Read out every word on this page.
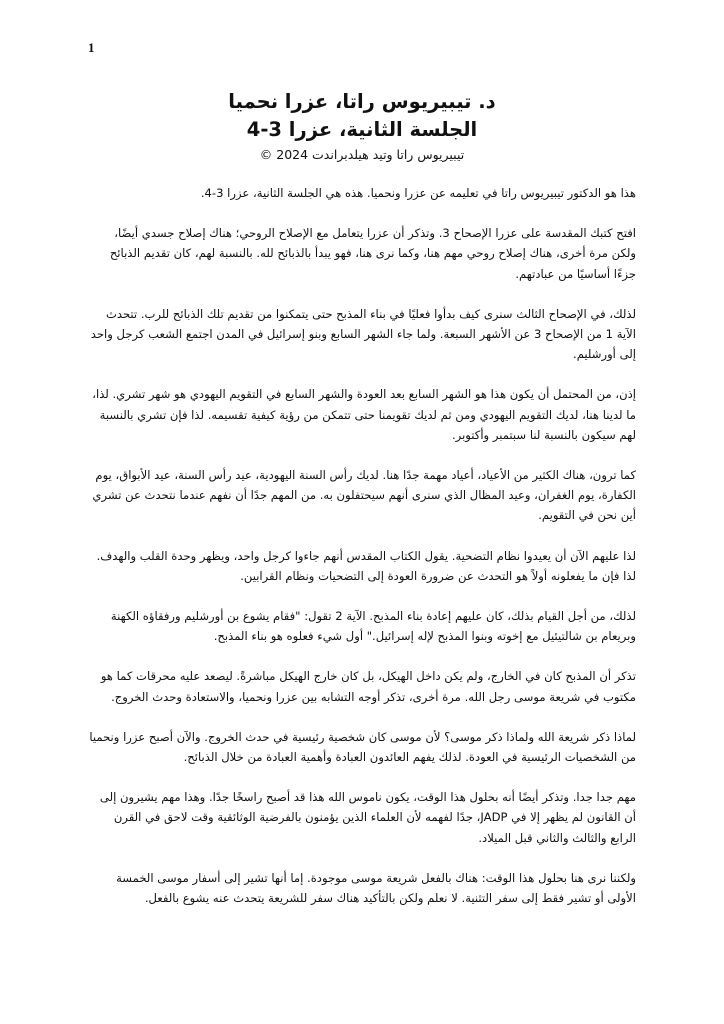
1
د. تيبيريوس راتا، عزرا نحميا
الجلسة الثانية، عزرا 3-4
تيبيريوس راتا وتيد هيلدبراندت 2024 ©

هذا هو الدكتور تيبيريوس راتا في تعليمه عن عزرا ونحميا. هذه هي الجلسة الثانية، عزرا 3-4.

افتح كتبك المقدسة على عزرا الإصحاح 3. وتذكر أن عزرا يتعامل مع الإصلاح الروحي؛ هناك إصلاح جسدي أيضًا، ولكن مرة أخرى، هناك إصلاح روحي مهم هنا، وكما نرى هنا، فهو يبدأ بالذبائح لله. بالنسبة لهم، كان تقديم الذبائح جزءًا أساسيًا من عبادتهم.

لذلك، في الإصحاح الثالث سنرى كيف بدأوا فعليًا في بناء المذبح حتى يتمكنوا من تقديم تلك الذبائح للرب. تتحدث الآية 1 من الإصحاح 3 عن الأشهر السبعة. ولما جاء الشهر السابع وبنو إسرائيل في المدن اجتمع الشعب كرجل واحد إلى أورشليم.

إذن، من المحتمل أن يكون هذا هو الشهر السابع بعد العودة والشهر السابع في التقويم اليهودي هو شهر تشري. لذا، ما لدينا هنا، لديك التقويم اليهودي ومن ثم لديك تقويمنا حتى تتمكن من رؤية كيفية تقسيمه. لذا فإن تشري بالنسبة لهم سيكون بالنسبة لنا سبتمبر وأكتوبر.

كما ترون، هناك الكثير من الأعياد، أعياد مهمة جدًا هنا. لديك رأس السنة اليهودية، عيد رأس السنة، عيد الأبواق، يوم الكفارة، يوم الغفران، وعيد المظال الذي سنرى أنهم سيحتفلون به. من المهم جدًا أن نفهم عندما نتحدث عن تشري أين نحن في التقويم.

لذا عليهم الآن أن يعيدوا نظام التضحية. يقول الكتاب المقدس أنهم جاءوا كرجل واحد، ويظهر وحدة القلب والهدف. لذا فإن ما يفعلونه أولاً هو التحدث عن ضرورة العودة إلى التضحيات ونظام القرابين.

لذلك، من أجل القيام بذلك، كان عليهم إعادة بناء المذبح. الآية 2 تقول: "فقام يشوع بن أورشليم ورفقاؤه الكهنة وبريعام بن شالتيئيل مع إخوته وبنوا المذبح لإله إسرائيل." أول شيء فعلوه هو بناء المذبح.

تذكر أن المذبح كان في الخارج، ولم يكن داخل الهيكل، بل كان خارج الهيكل مباشرةً. ليصعد عليه محرقات كما هو مكتوب في شريعة موسى رجل الله. مرة أخرى، تذكر أوجه التشابه بين عزرا ونحميا، والاستعادة وحدث الخروج.

لماذا ذكر شريعة الله ولماذا ذكر موسى؟ لأن موسى كان شخصية رئيسية في حدث الخروج. والآن أصبح عزرا ونحميا من الشخصيات الرئيسية في العودة. لذلك يفهم العائدون العبادة وأهمية العبادة من خلال الذبائح.

مهم جدا جدا. وتذكر أيضًا أنه بحلول هذا الوقت، يكون ناموس الله هذا قد أصبح راسخًا جدًا. وهذا مهم يشيرون إلى أن القانون لم يظهر إلا في JADP، جدًا لفهمه لأن العلماء الذين يؤمنون بالفرضية الوثائقية وقت لاحق في القرن الرابع والثالث والثاني قبل الميلاد.

ولكننا نرى هنا بحلول هذا الوقت: هناك بالفعل شريعة موسى موجودة. إما أنها تشير إلى أسفار موسى الخمسة الأولى أو تشير فقط إلى سفر التثنية. لا نعلم ولكن بالتأكيد هناك سفر للشريعة يتحدث عنه يشوع بالفعل.
